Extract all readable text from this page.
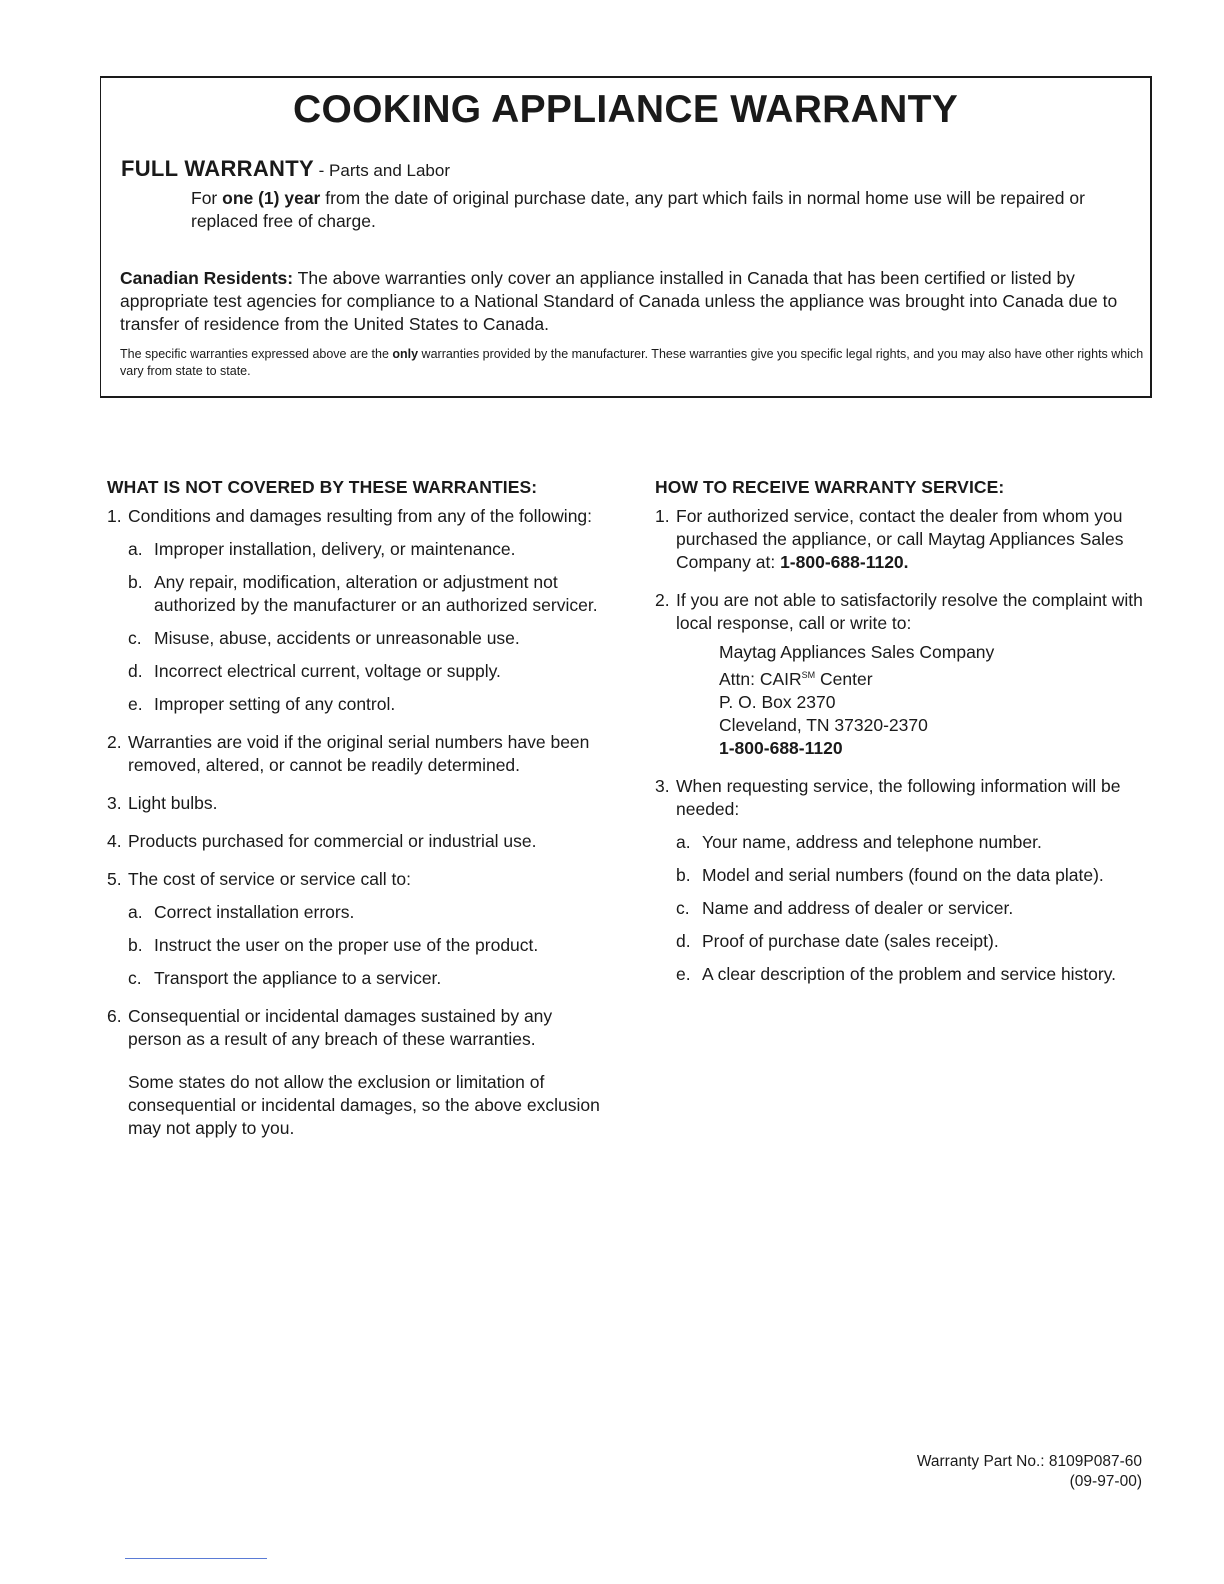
COOKING APPLIANCE WARRANTY
FULL WARRANTY - Parts and Labor
For one (1) year from the date of original purchase date, any part which fails in normal home use will be repaired or replaced free of charge.
Canadian Residents: The above warranties only cover an appliance installed in Canada that has been certified or listed by appropriate test agencies for compliance to a National Standard of Canada unless the appliance was brought into Canada due to transfer of residence from the United States to Canada.
The specific warranties expressed above are the only warranties provided by the manufacturer. These warranties give you specific legal rights, and you may also have other rights which vary from state to state.
WHAT IS NOT COVERED BY THESE WARRANTIES:
1. Conditions and damages resulting from any of the following:
a. Improper installation, delivery, or maintenance.
b. Any repair, modification, alteration or adjustment not authorized by the manufacturer or an authorized servicer.
c. Misuse, abuse, accidents or unreasonable use.
d. Incorrect electrical current, voltage or supply.
e. Improper setting of any control.
2. Warranties are void if the original serial numbers have been removed, altered, or cannot be readily determined.
3. Light bulbs.
4. Products purchased for commercial or industrial use.
5. The cost of service or service call to:
a. Correct installation errors.
b. Instruct the user on the proper use of the product.
c. Transport the appliance to a servicer.
6. Consequential or incidental damages sustained by any person as a result of any breach of these warranties.
Some states do not allow the exclusion or limitation of consequential or incidental damages, so the above exclusion may not apply to you.
HOW TO RECEIVE WARRANTY SERVICE:
1. For authorized service, contact the dealer from whom you purchased the appliance, or call Maytag Appliances Sales Company at: 1-800-688-1120.
2. If you are not able to satisfactorily resolve the complaint with local response, call or write to:
Maytag Appliances Sales Company
Attn: CAIR℠ Center
P. O. Box 2370
Cleveland, TN 37320-2370
1-800-688-1120
3. When requesting service, the following information will be needed:
a. Your name, address and telephone number.
b. Model and serial numbers (found on the data plate).
c. Name and address of dealer or servicer.
d. Proof of purchase date (sales receipt).
e. A clear description of the problem and service history.
Warranty Part No.: 8109P087-60
(09-97-00)
